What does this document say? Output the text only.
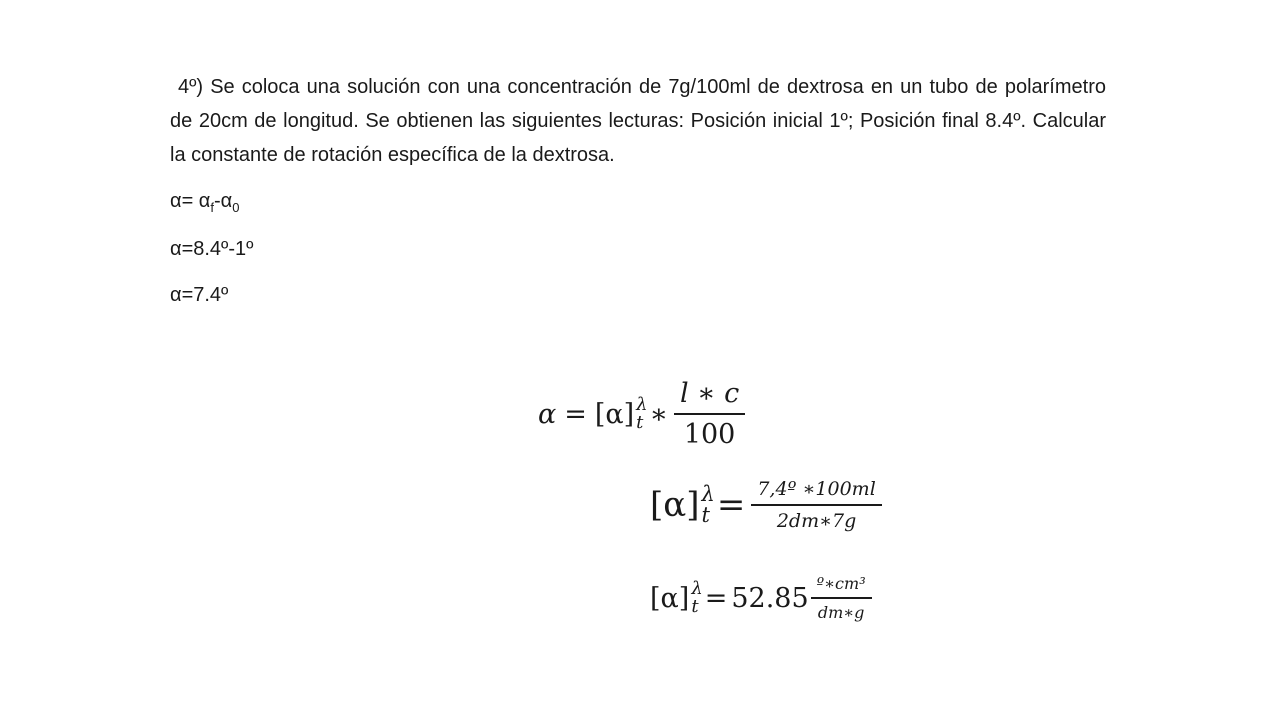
4º) Se coloca una solución con una concentración de 7g/100ml de dextrosa en un tubo de polarímetro de 20cm de longitud. Se obtienen las siguientes lecturas: Posición inicial 1º; Posición final 8.4º. Calcular la constante de rotación específica de la dextrosa.

$\alpha= \alpha_f-\alpha_0$

α=8.4º-1º

α=7.4º

α = [α] λ
t ∗ $\frac{l ∗ c}{100}$
[α] λ
$t = \frac{\text{7,4º ∗100ml}}{2dm∗7g}$
[α] λ
$t = 52.85 \frac{\text{º∗cm³}}{dm∗g}$
